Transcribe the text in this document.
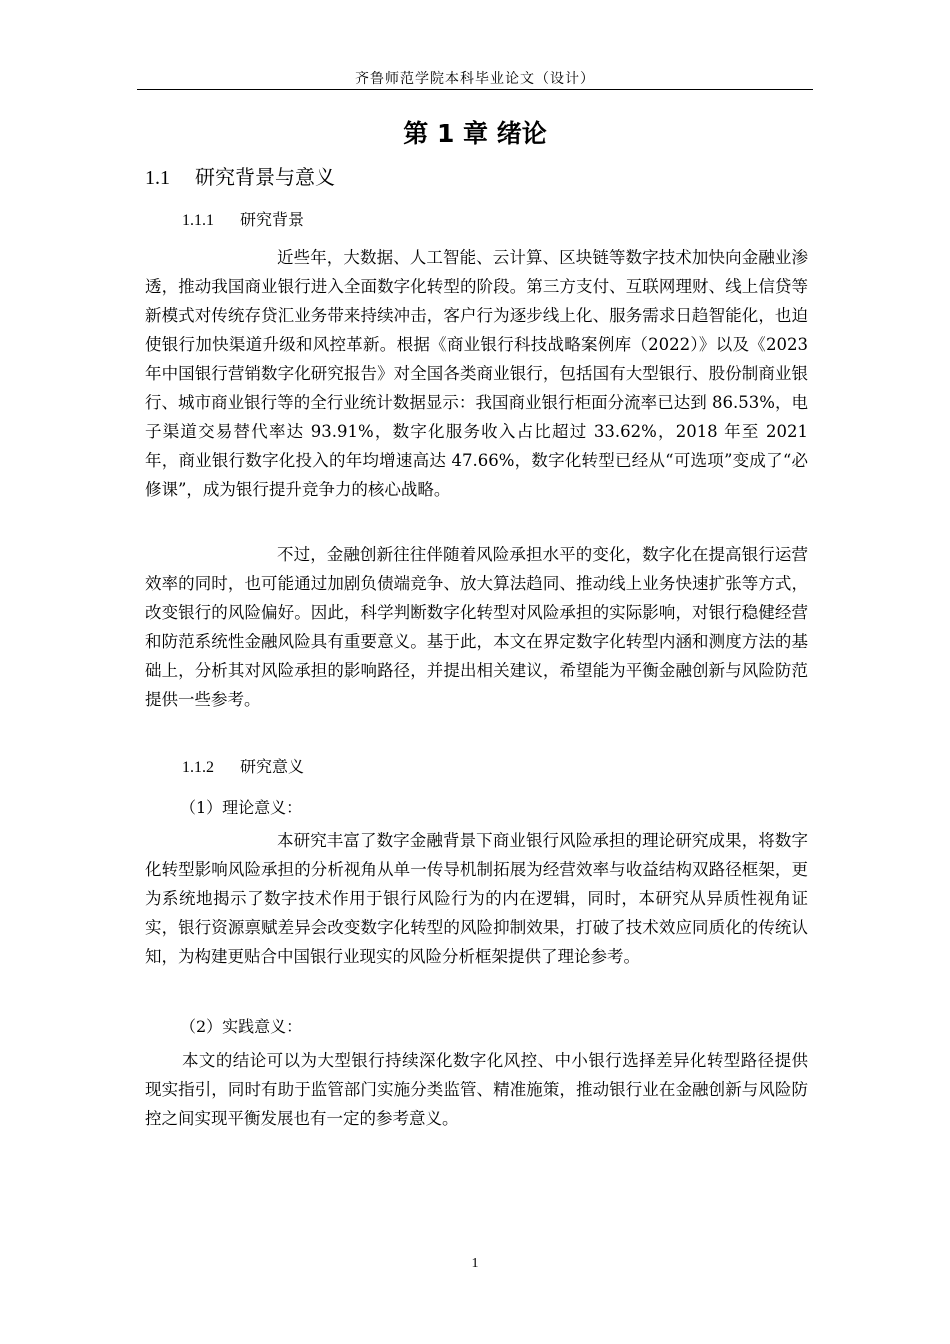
齐鲁师范学院本科毕业论文（设计）
第 1 章 绪论
1.1 研究背景与意义
1.1.1 研究背景

近些年，大数据、人工智能、云计算、区块链等数字技术加快向金融业渗透，推动我国商业银行进入全面数字化转型的阶段。第三方支付、互联网理财、线上信贷等新模式对传统存贷汇业务带来持续冲击，客户行为逐步线上化、服务需求日趋智能化，也迫使银行加快渠道升级和风控革新。根据《商业银行科技战略案例库（2022）》以及《2023 年中国银行营销数字化研究报告》对全国各类商业银行，包括国有大型银行、股份制商业银行、城市商业银行等的全行业统计数据显示：我国商业银行柜面分流率已达到 86.53%，电子渠道交易替代率达 93.91%，数字化服务收入占比超过 33.62%，2018 年至 2021 年，商业银行数字化投入的年均增速高达 47.66%，数字化转型已经从“可选项”变成了“必修课”，成为银行提升竞争力的核心战略。

不过，金融创新往往伴随着风险承担水平的变化，数字化在提高银行运营效率的同时，也可能通过加剧负债端竞争、放大算法趋同、推动线上业务快速扩张等方式，改变银行的风险偏好。因此，科学判断数字化转型对风险承担的实际影响，对银行稳健经营和防范系统性金融风险具有重要意义。基于此，本文在界定数字化转型内涵和测度方法的基础上，分析其对风险承担的影响路径，并提出相关建议，希望能为平衡金融创新与风险防范提供一些参考。

1.1.2 研究意义
（1）理论意义：

本研究丰富了数字金融背景下商业银行风险承担的理论研究成果，将数字化转型影响风险承担的分析视角从单一传导机制拓展为经营效率与收益结构双路径框架，更为系统地揭示了数字技术作用于银行风险行为的内在逻辑，同时，本研究从异质性视角证实，银行资源禀赋差异会改变数字化转型的风险抑制效果，打破了技术效应同质化的传统认知，为构建更贴合中国银行业现实的风险分析框架提供了理论参考。

（2）实践意义：

本文的结论可以为大型银行持续深化数字化风控、中小银行选择差异化转型路径提供现实指引，同时有助于监管部门实施分类监管、精准施策，推动银行业在金融创新与风险防控之间实现平衡发展也有一定的参考意义。

1
